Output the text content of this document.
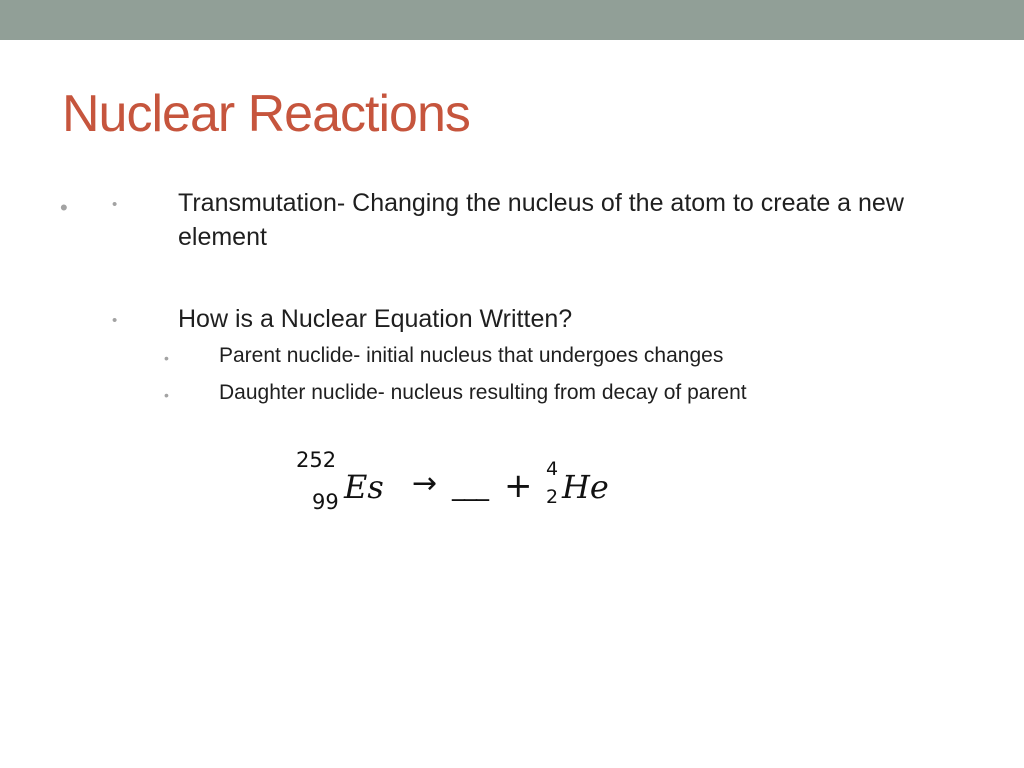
Nuclear Reactions
•	• Transmutation- Changing the nucleus of the atom to create a new element
• How is a Nuclear Equation Written?
• Parent nuclide- initial nucleus that undergoes changes
• Daughter nuclide- nucleus resulting from decay of parent
252
99 Es → ___ + 4
2 He
